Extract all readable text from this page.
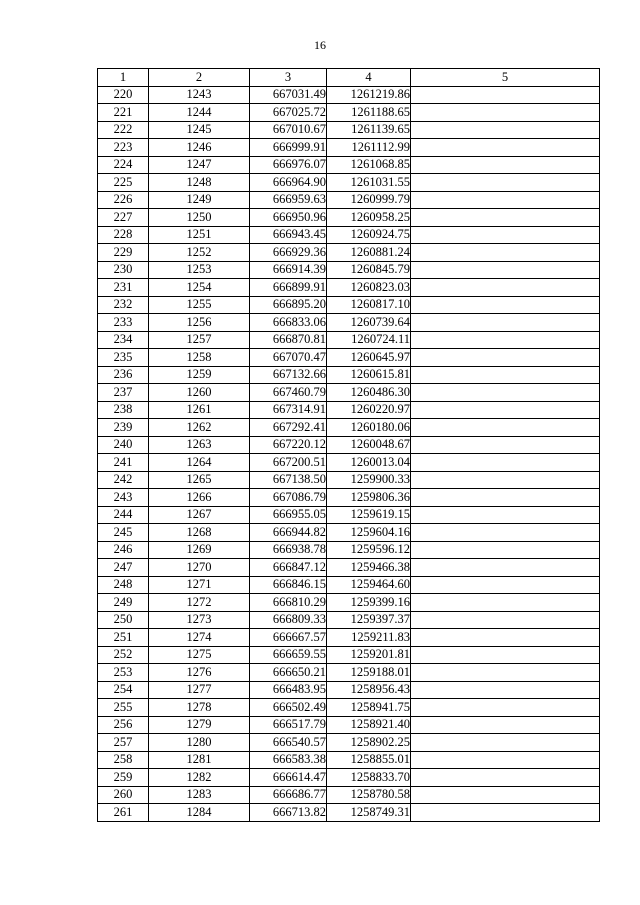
16
1	2	3	4	5
220	1243	667031.49	1261219.86	
221	1244	667025.72	1261188.65	
222	1245	667010.67	1261139.65	
223	1246	666999.91	1261112.99	
224	1247	666976.07	1261068.85	
225	1248	666964.90	1261031.55	
226	1249	666959.63	1260999.79	
227	1250	666950.96	1260958.25	
228	1251	666943.45	1260924.75	
229	1252	666929.36	1260881.24	
230	1253	666914.39	1260845.79	
231	1254	666899.91	1260823.03	
232	1255	666895.20	1260817.10	
233	1256	666833.06	1260739.64	
234	1257	666870.81	1260724.11	
235	1258	667070.47	1260645.97	
236	1259	667132.66	1260615.81	
237	1260	667460.79	1260486.30	
238	1261	667314.91	1260220.97	
239	1262	667292.41	1260180.06	
240	1263	667220.12	1260048.67	
241	1264	667200.51	1260013.04	
242	1265	667138.50	1259900.33	
243	1266	667086.79	1259806.36	
244	1267	666955.05	1259619.15	
245	1268	666944.82	1259604.16	
246	1269	666938.78	1259596.12	
247	1270	666847.12	1259466.38	
248	1271	666846.15	1259464.60	
249	1272	666810.29	1259399.16	
250	1273	666809.33	1259397.37	
251	1274	666667.57	1259211.83	
252	1275	666659.55	1259201.81	
253	1276	666650.21	1259188.01	
254	1277	666483.95	1258956.43	
255	1278	666502.49	1258941.75	
256	1279	666517.79	1258921.40	
257	1280	666540.57	1258902.25	
258	1281	666583.38	1258855.01	
259	1282	666614.47	1258833.70	
260	1283	666686.77	1258780.58	
261	1284	666713.82	1258749.31	
